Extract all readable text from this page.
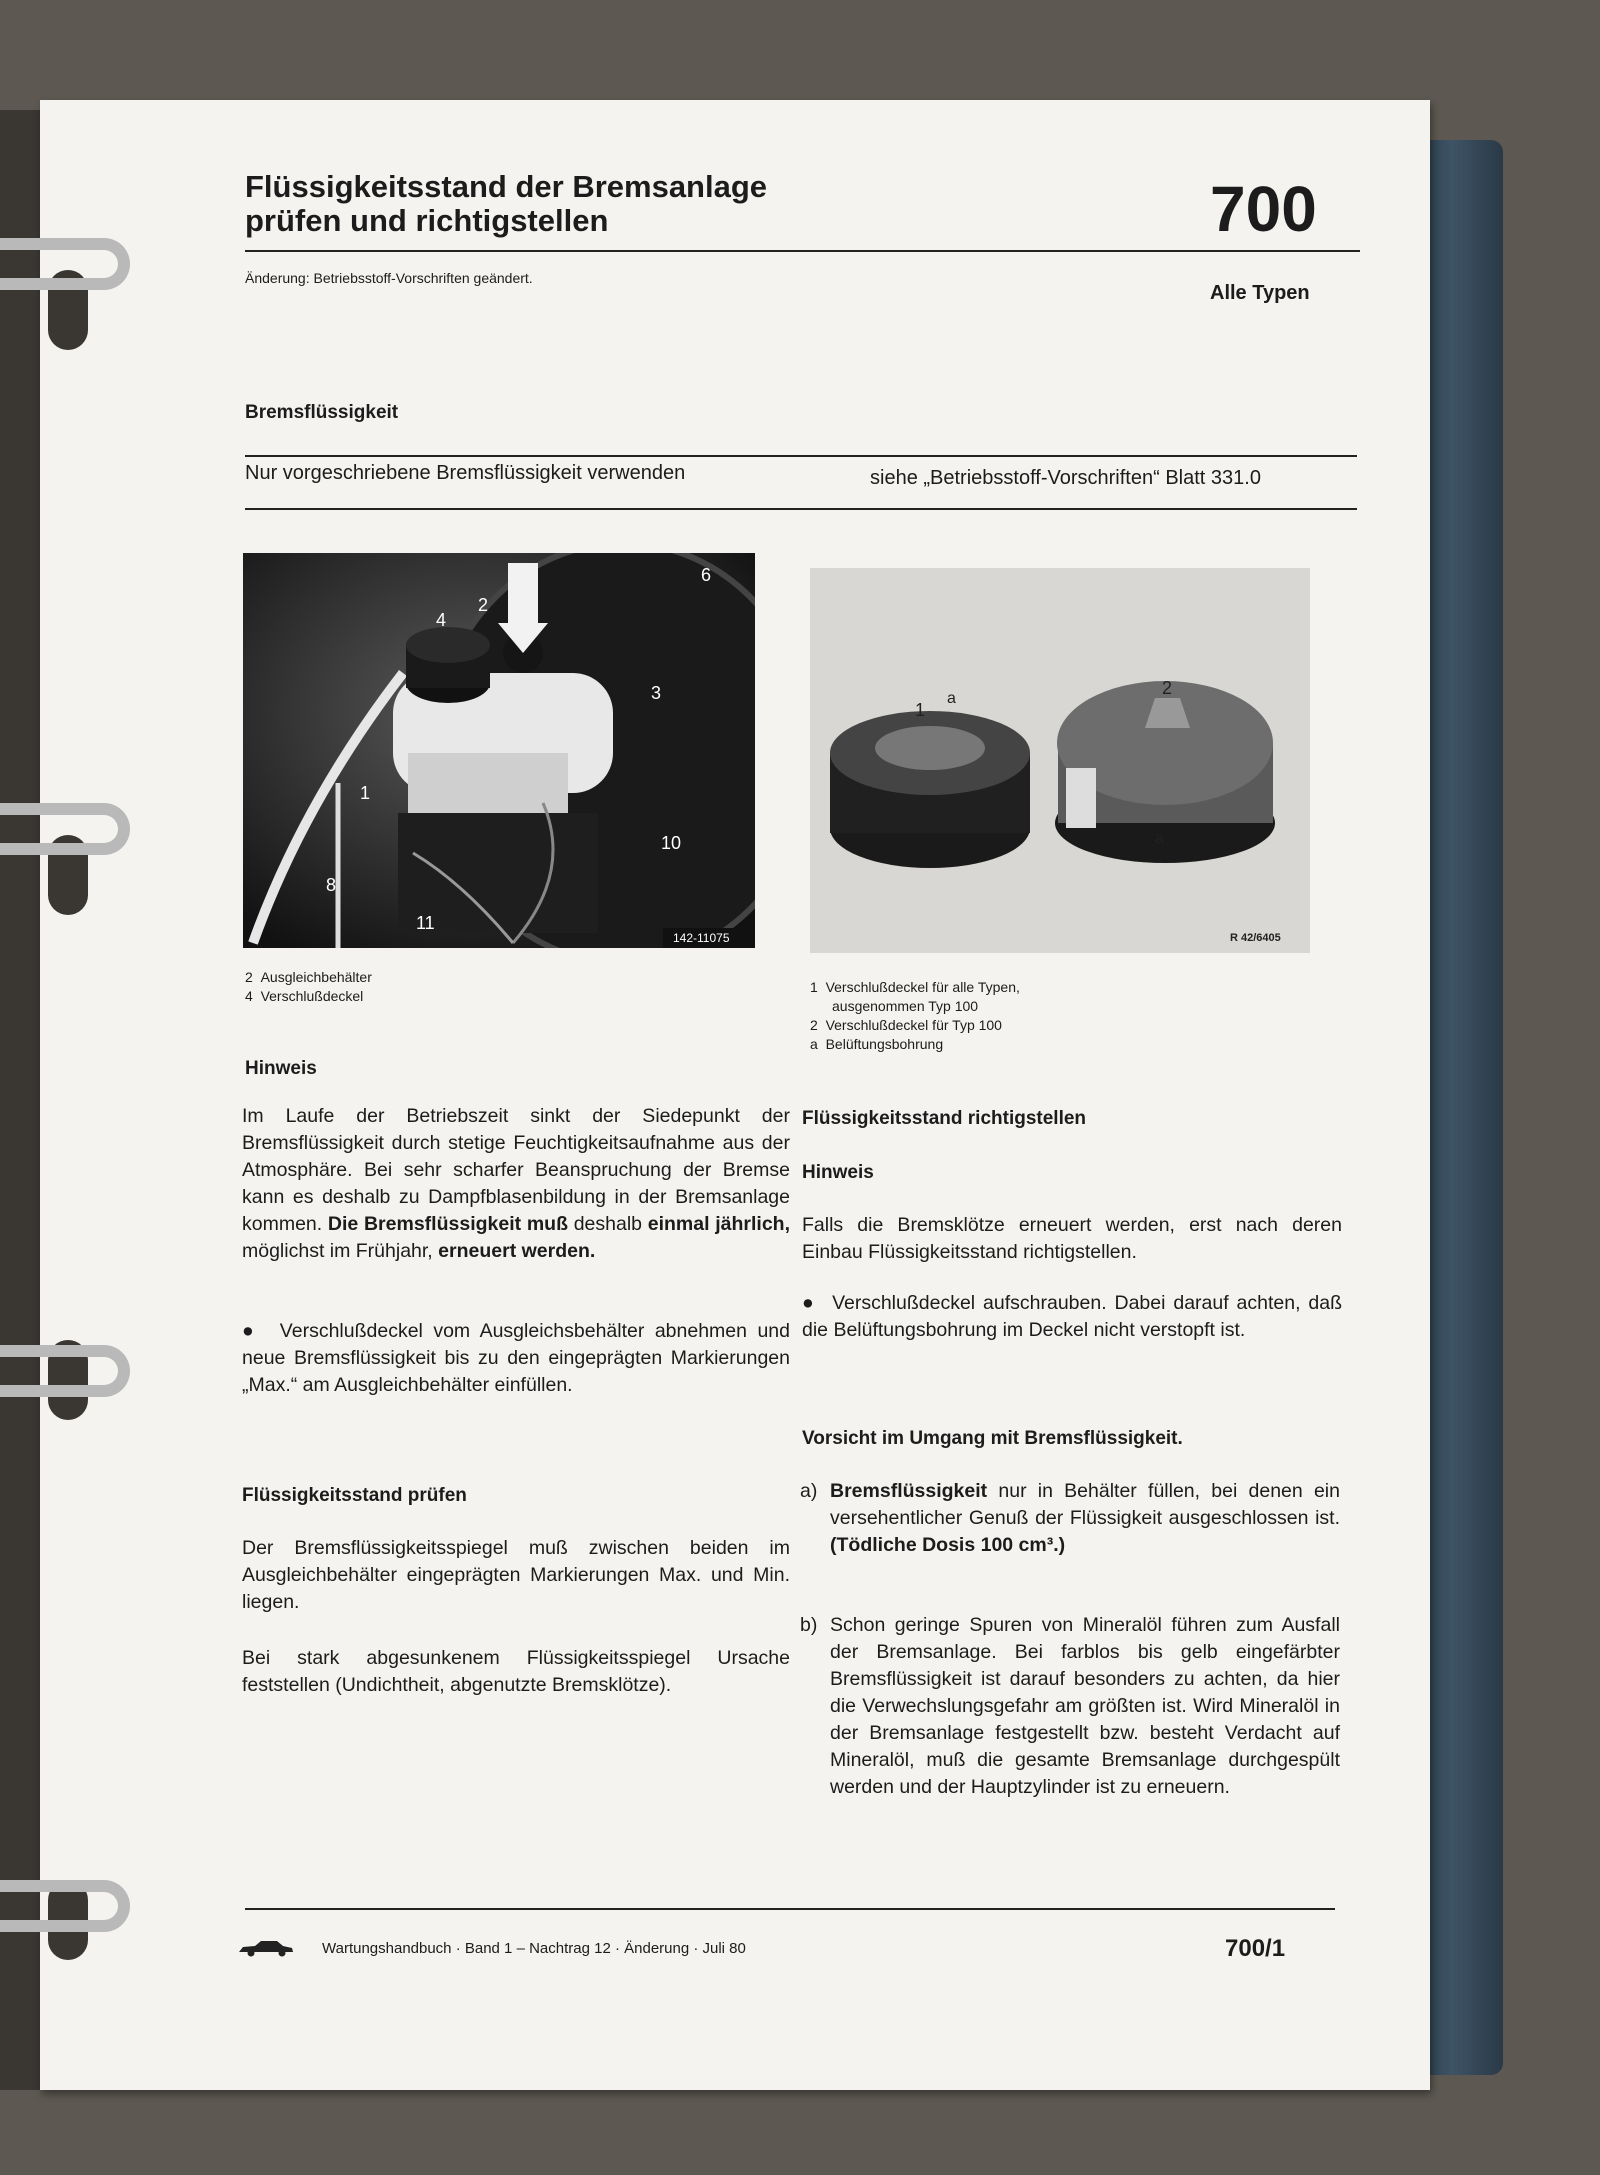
Flüssigkeitsstand der Bremsanlage
prüfen und richtigstellen	700
Änderung: Betriebsstoff-Vorschriften geändert.
Alle Typen
Bremsflüssigkeit
Nur vorgeschriebene Bremsflüssigkeit verwenden	siehe „Betriebsstoff-Vorschriften“ Blatt 331.0
2
4
6
3
1
10
8
11
142-11075
2 Ausgleichbehälter
4 Verschlußdeckel
1
a
2
a
R 42/6405
1 Verschlußdeckel für alle Typen,
ausgenommen Typ 100
2 Verschlußdeckel für Typ 100
a Belüftungsbohrung
Hinweis
Im Laufe der Betriebszeit sinkt der Siedepunkt der Bremsflüssigkeit durch stetige Feuchtigkeitsaufnahme aus der Atmosphäre. Bei sehr scharfer Beanspruchung der Bremse kann es deshalb zu Dampfblasenbildung in der Bremsanlage kommen. Die Bremsflüssigkeit muß deshalb einmal jährlich, möglichst im Frühjahr, erneuert werden.
● Verschlußdeckel vom Ausgleichsbehälter abnehmen und neue Bremsflüssigkeit bis zu den eingeprägten Markierungen „Max.“ am Ausgleichbehälter einfüllen.
Flüssigkeitsstand prüfen
Der Bremsflüssigkeitsspiegel muß zwischen beiden im Ausgleichbehälter eingeprägten Markierungen Max. und Min. liegen.
Bei stark abgesunkenem Flüssigkeitsspiegel Ursache feststellen (Undichtheit, abgenutzte Bremsklötze).
Flüssigkeitsstand richtigstellen
Hinweis
Falls die Bremsklötze erneuert werden, erst nach deren Einbau Flüssigkeitsstand richtigstellen.
● Verschlußdeckel aufschrauben. Dabei darauf achten, daß die Belüftungsbohrung im Deckel nicht verstopft ist.
Vorsicht im Umgang mit Bremsflüssigkeit.
a) Bremsflüssigkeit nur in Behälter füllen, bei denen ein versehentlicher Genuß der Flüssigkeit ausgeschlossen ist. (Tödliche Dosis 100 cm³.)
b) Schon geringe Spuren von Mineralöl führen zum Ausfall der Bremsanlage. Bei farblos bis gelb eingefärbter Bremsflüssigkeit ist darauf besonders zu achten, da hier die Verwechslungsgefahr am größten ist. Wird Mineralöl in der Bremsanlage festgestellt bzw. besteht Verdacht auf Mineralöl, muß die gesamte Bremsanlage durchgespült werden und der Hauptzylinder ist zu erneuern.
Wartungshandbuch · Band 1 – Nachtrag 12 · Änderung · Juli 80	700/1
